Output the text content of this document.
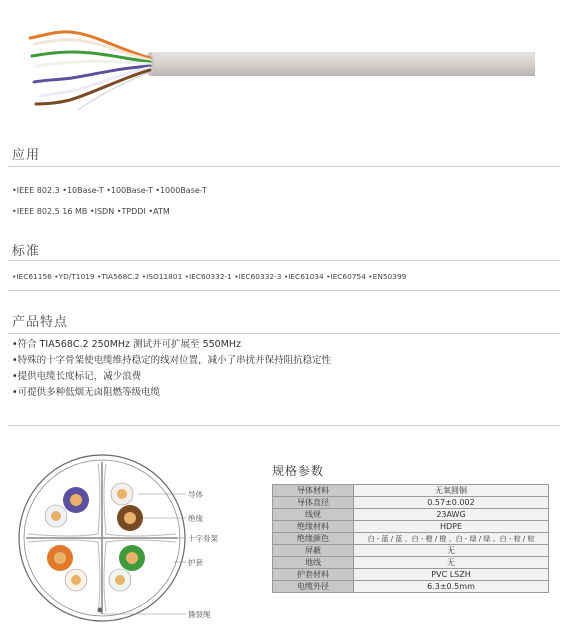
应用
•IEEE 802.3 •10Base-T •100Base-T •1000Base-T
•IEEE 802.5 16 MB •ISDN •TPDDI •ATM
标准
•IEC61156 •YD/T1019 •TIA568C.2 •ISO11801 •IEC60332-1 •IEC60332-3 •IEC61034 •IEC60754 •EN50399
产品特点
•符合 TIA568C.2 250MHz 测试并可扩展至 550MHz
•特殊的十字骨架使电缆维持稳定的线对位置，减小了串扰并保持阻抗稳定性
•提供电缆长度标记，减少浪费
•可提供多种低烟无卤阻燃等级电缆
导体
绝缘
十字骨架
护套
撕裂绳
规格参数
导体材料	无氧圆铜
导体直径	0.57±0.002
线规	23AWG
绝缘材料	HDPE
绝缘颜色	白 - 蓝 / 蓝 、白 - 橙 / 橙 、白 - 绿 / 绿 、白 - 棕 / 棕
屏蔽	无
地线	无
护套材料	PVC LSZH
电缆外径	6.3±0.5mm
